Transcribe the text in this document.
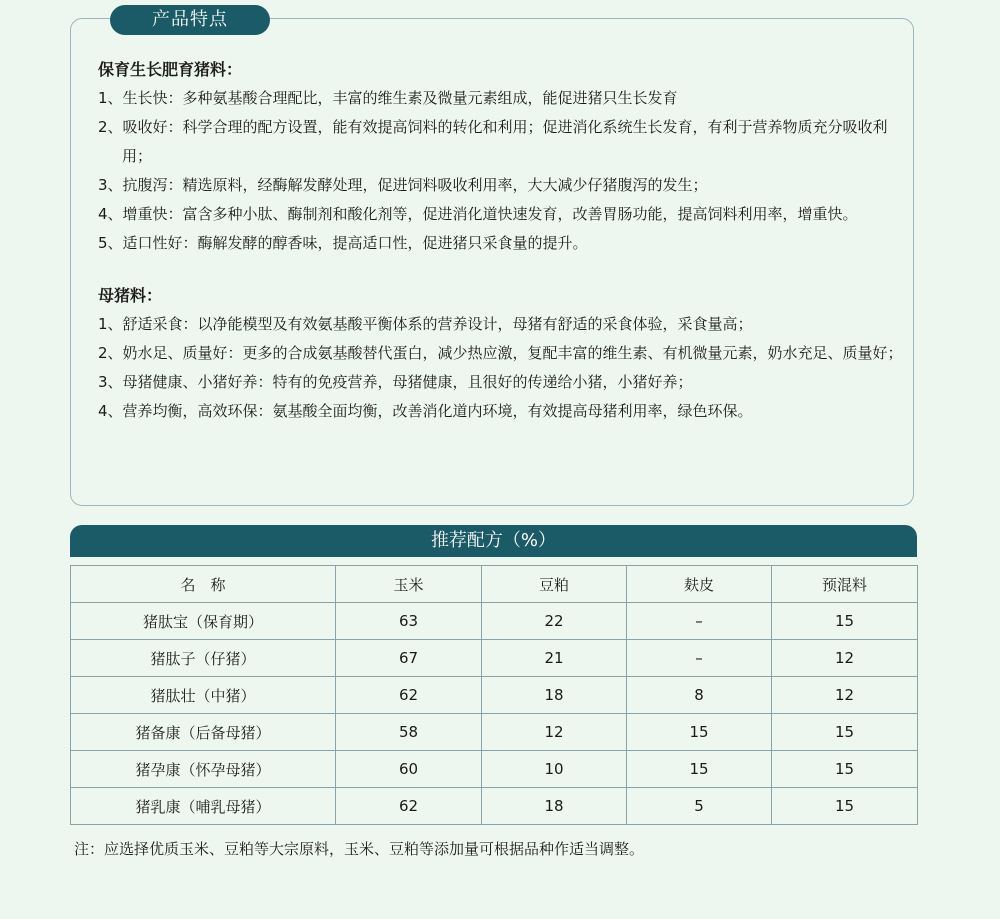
产品特点

保育生长肥育猪料：

1、生长快：多种氨基酸合理配比，丰富的维生素及微量元素组成，能促进猪只生长发育

2、吸收好：科学合理的配方设置，能有效提高饲料的转化和利用；促进消化系统生长发育，有利于营养物质充分吸收利用；

3、抗腹泻：精选原料，经酶解发酵处理，促进饲料吸收利用率，大大减少仔猪腹泻的发生；

4、增重快：富含多种小肽、酶制剂和酸化剂等，促进消化道快速发育，改善胃肠功能，提高饲料利用率，增重快。

5、适口性好：酶解发酵的醇香味，提高适口性，促进猪只采食量的提升。

母猪料：

1、舒适采食：以净能模型及有效氨基酸平衡体系的营养设计，母猪有舒适的采食体验，采食量高；

2、奶水足、质量好：更多的合成氨基酸替代蛋白，减少热应激，复配丰富的维生素、有机微量元素，奶水充足、质量好；

3、母猪健康、小猪好养：特有的免疫营养，母猪健康，且很好的传递给小猪，小猪好养；

4、营养均衡，高效环保：氨基酸全面均衡，改善消化道内环境，有效提高母猪利用率，绿色环保。

推荐配方（%）
名　称	玉米	豆粕	麸皮	预混料
猪肽宝（保育期）	63	22	–	15
猪肽子（仔猪）	67	21	–	12
猪肽壮（中猪）	62	18	8	12
猪备康（后备母猪）	58	12	15	15
猪孕康（怀孕母猪）	60	10	15	15
猪乳康（哺乳母猪）	62	18	5	15
注：应选择优质玉米、豆粕等大宗原料，玉米、豆粕等添加量可根据品种作适当调整。
